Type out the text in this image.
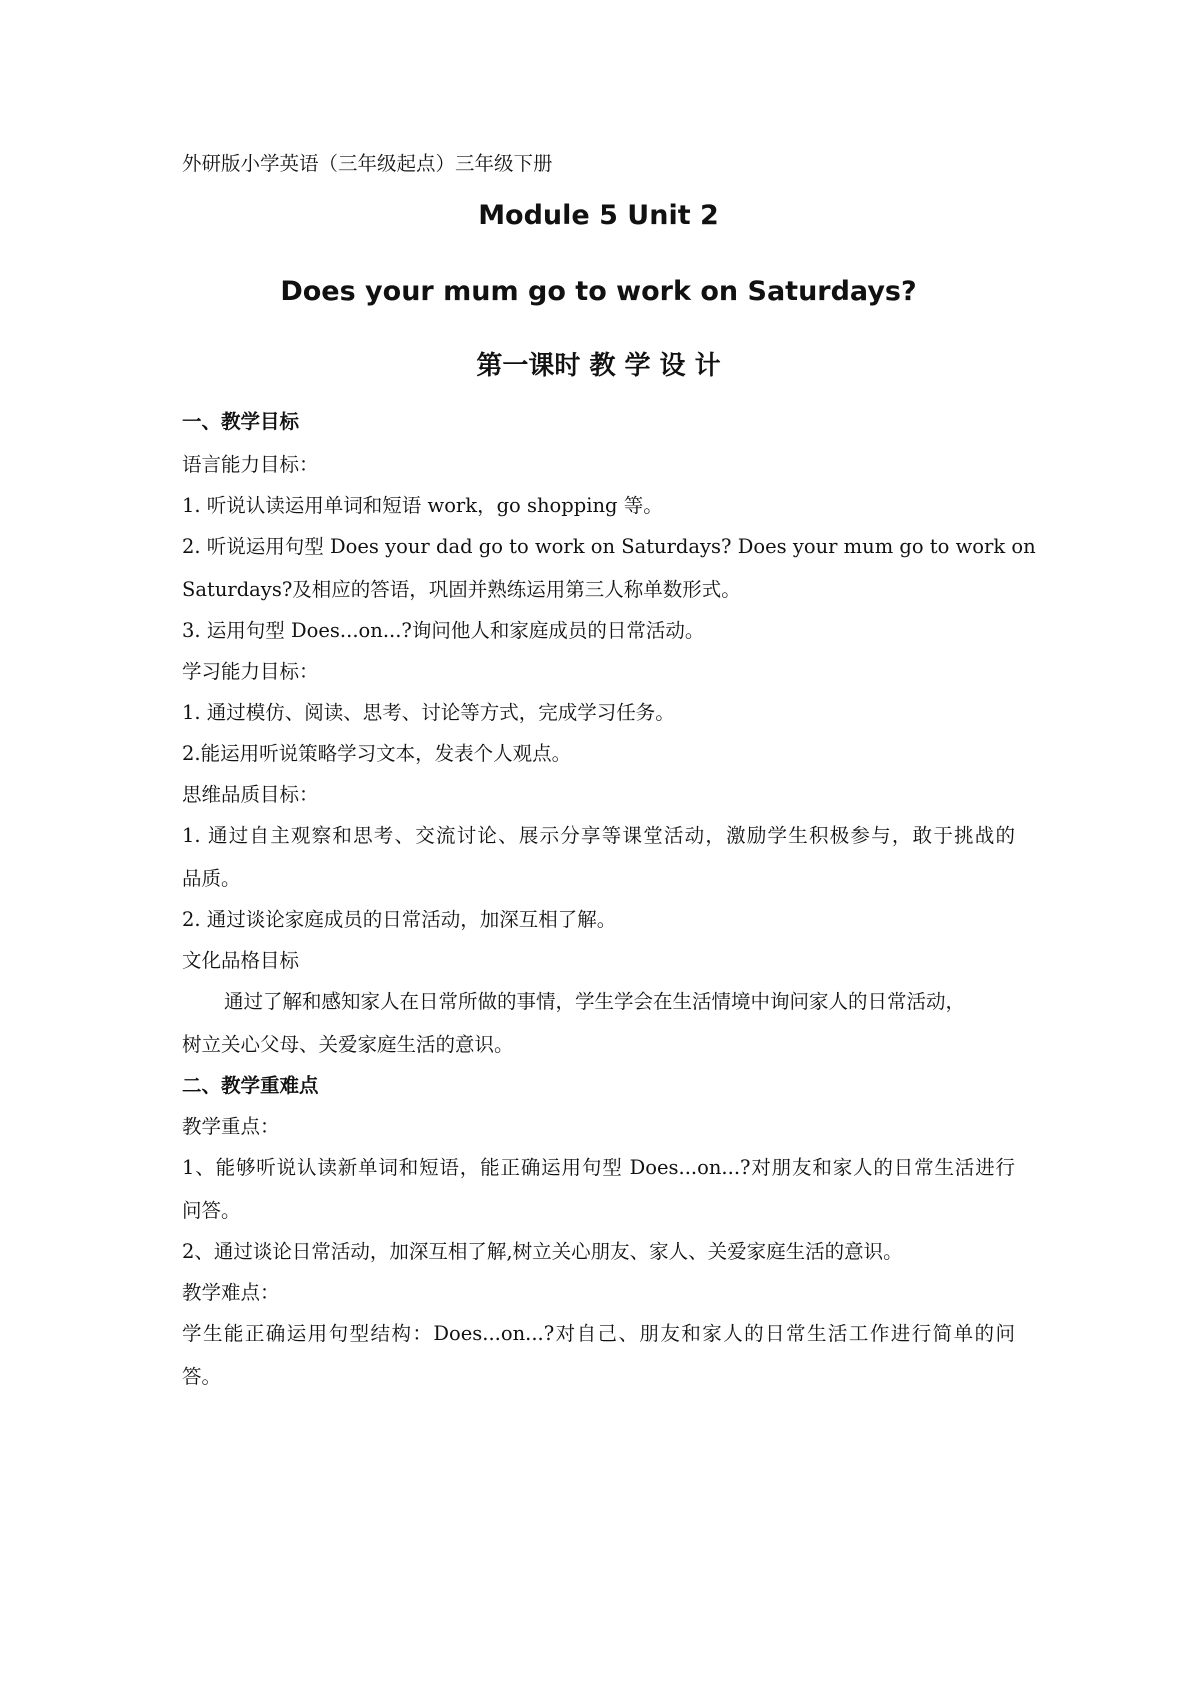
外研版小学英语（三年级起点）三年级下册
Module 5 Unit 2
Does your mum go to work on Saturdays?
第一课时 教 学 设 计
一、教学目标
语言能力目标：
1. 听说认读运用单词和短语 work，go shopping 等。
2. 听说运用句型 Does your dad go to work on Saturdays? Does your mum go to work on
Saturdays?及相应的答语，巩固并熟练运用第三人称单数形式。
3. 运用句型 Does...on...?询问他人和家庭成员的日常活动。
学习能力目标：
1. 通过模仿、阅读、思考、讨论等方式，完成学习任务。
2.能运用听说策略学习文本，发表个人观点。
思维品质目标：
1. 通过自主观察和思考、交流讨论、展示分享等课堂活动，激励学生积极参与，敢于挑战的
品质。
2. 通过谈论家庭成员的日常活动，加深互相了解。
文化品格目标
通过了解和感知家人在日常所做的事情，学生学会在生活情境中询问家人的日常活动，
树立关心父母、关爱家庭生活的意识。
二、教学重难点
教学重点：
1、能够听说认读新单词和短语，能正确运用句型 Does...on...?对朋友和家人的日常生活进行
问答。
2、通过谈论日常活动，加深互相了解,树立关心朋友、家人、关爱家庭生活的意识。
教学难点：
学生能正确运用句型结构：Does...on...?对自己、朋友和家人的日常生活工作进行简单的问
答。
